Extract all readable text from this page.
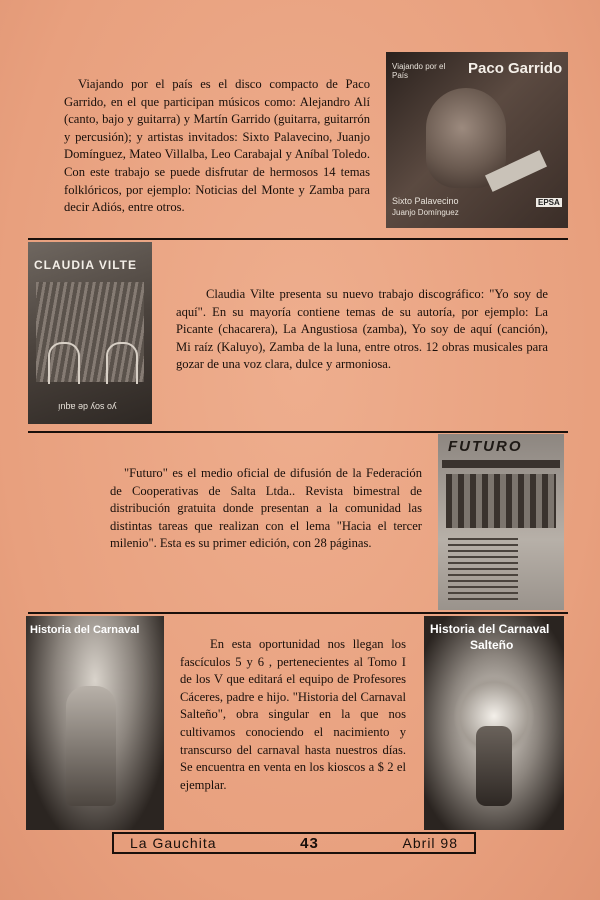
Viajando por el país es el disco compacto de Paco Garrido, en el que participan músicos como: Alejandro Alí (canto, bajo y guitarra) y Martín Garrido (guitarra, guitarrón y percusión); y artistas invitados: Sixto Palavecino, Juanjo Domínguez, Mateo Villalba, Leo Carabajal y Aníbal Toledo. Con este trabajo se puede disfrutar de hermosos 14 temas folklóricos, por ejemplo: Noticias del Monte y Zamba para decir Adiós, entre otros.

Paco Garrido
Viajando por el País
Sixto Palavecino
Juanjo Domínguez
EPSA
CLAUDIA VILTE
yo soy de aquí

Claudia Vilte presenta su nuevo trabajo discográfico: "Yo soy de aquí". En su mayoría contiene temas de su autoría, por ejemplo: La Picante (chacarera), La Angustiosa (zamba), Yo soy de aquí (canción), Mi raíz (Kaluyo), Zamba de la luna, entre otros. 12 obras musicales para gozar de una voz clara, dulce y armoniosa.

"Futuro" es el medio oficial de difusión de la Federación de Cooperativas de Salta Ltda.. Revista bimestral de distribución gratuita donde presentan a la comunidad las distintas tareas que realizan con el lema "Hacia el tercer milenio". Esta es su primer edición, con 28 páginas.

FUTURO
Historia del Carnaval

En esta oportunidad nos llegan los fascículos 5 y 6 , pertenecientes al Tomo I de los V que editará el equipo de Profesores Cáceres, padre e hijo. "Historia del Carnaval Salteño", obra singular en la que nos cultivamos conociendo el nacimiento y transcurso del carnaval hasta nuestros días. Se encuentra en venta en los kioscos a $ 2 el ejemplar.

Historia del Carnaval
Salteño
La Gauchita	43	Abril 98
